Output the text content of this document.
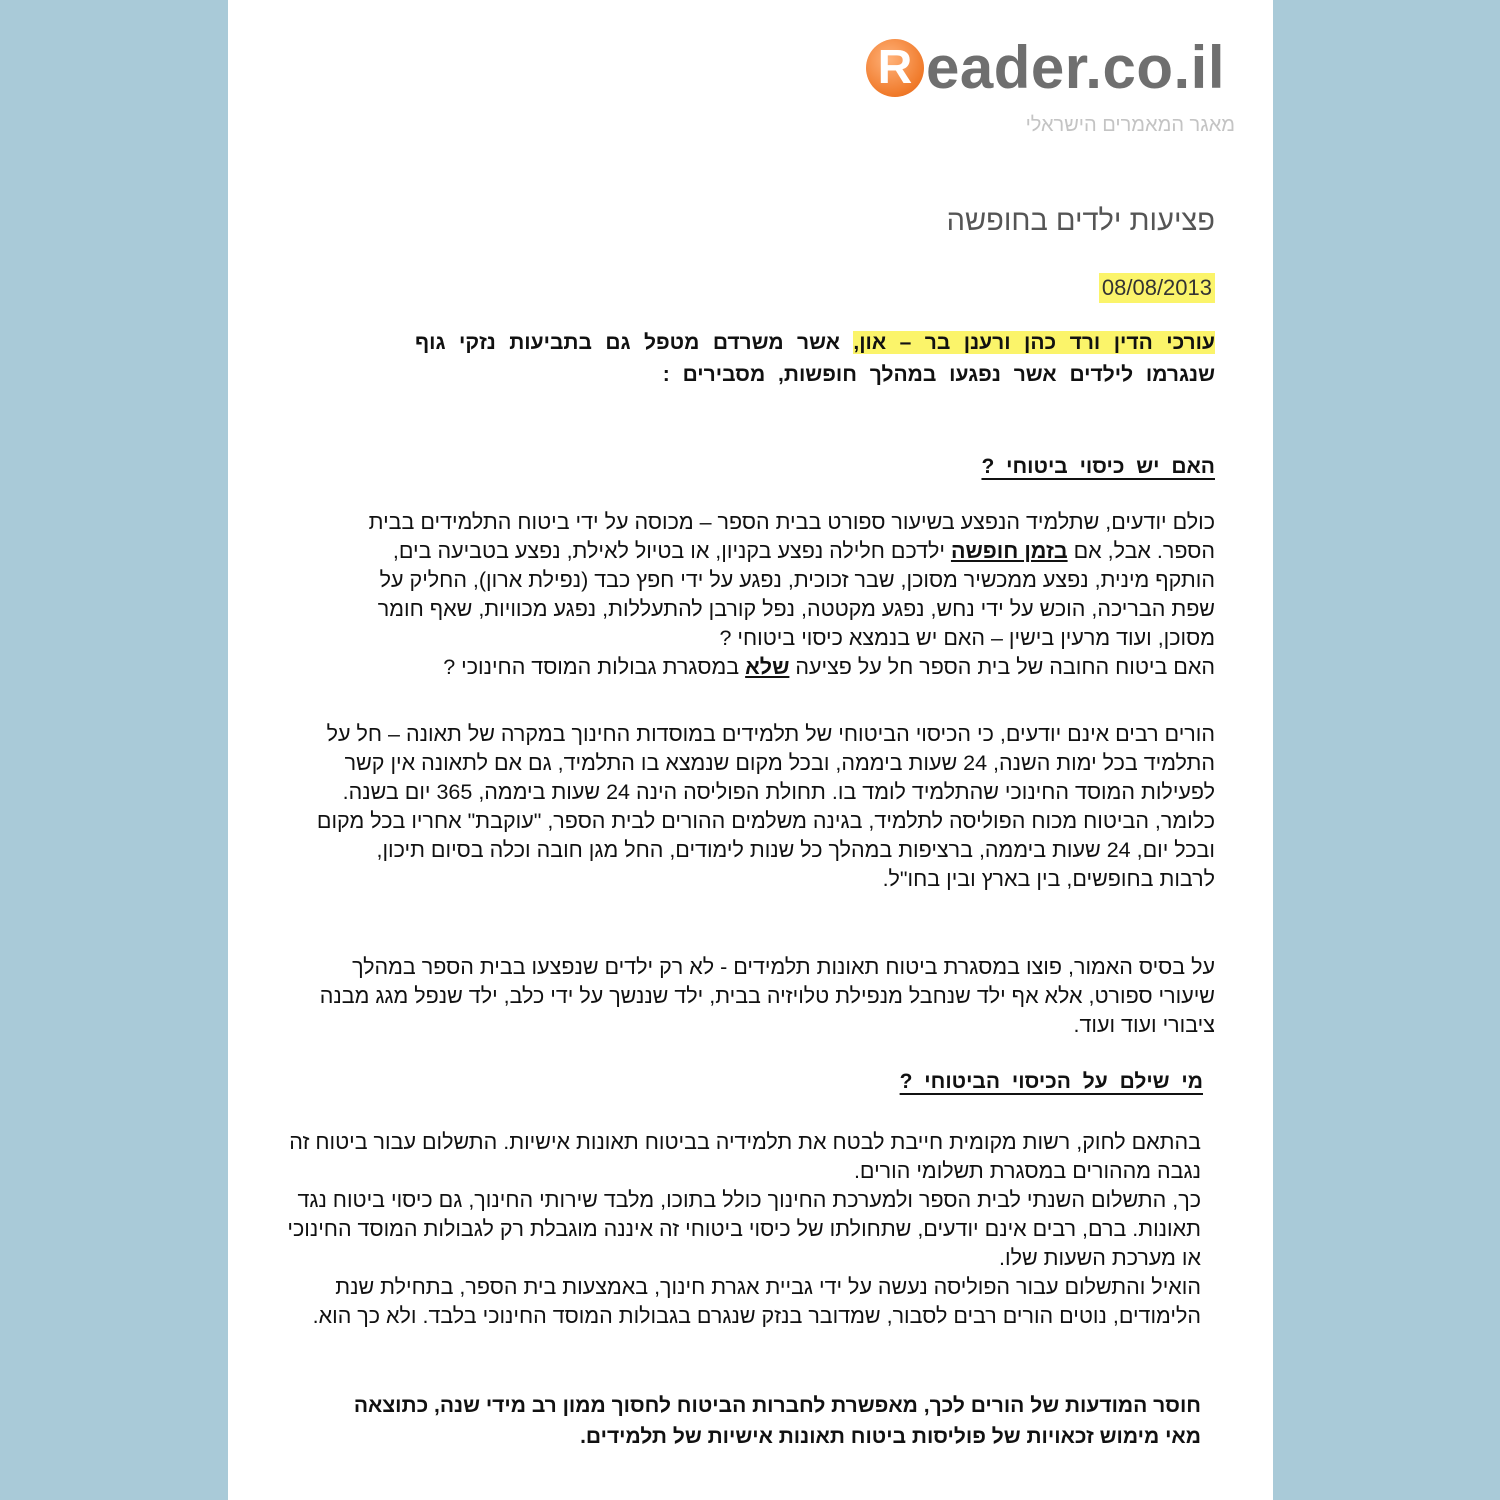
R eader.co.il
מאגר המאמרים הישראלי
פציעות ילדים בחופשה
08/08/2013

עורכי הדין ורד כהן ורענן בר – און, אשר משרדם מטפל גם בתביעות נזקי גוף שנגרמו לילדים אשר נפגעו במהלך חופשות, מסבירים :

האם יש כיסוי ביטוחי ?

כולם יודעים, שתלמיד הנפצע בשיעור ספורט בבית הספר – מכוסה על ידי ביטוח התלמידים בבית הספר. אבל, אם בזמן חופשה ילדכם חלילה נפצע בקניון, או בטיול לאילת, נפצע בטביעה בים, הותקף מינית, נפצע ממכשיר מסוכן, שבר זכוכית, נפגע על ידי חפץ כבד (נפילת ארון), החליק על שפת הבריכה, הוכש על ידי נחש, נפגע מקטטה, נפל קורבן להתעללות, נפגע מכוויות, שאף חומר מסוכן, ועוד מרעין בישין – האם יש בנמצא כיסוי ביטוחי ?

האם ביטוח החובה של בית הספר חל על פציעה שלא במסגרת גבולות המוסד החינוכי ?

הורים רבים אינם יודעים, כי הכיסוי הביטוחי של תלמידים במוסדות החינוך במקרה של תאונה – חל על התלמיד בכל ימות השנה, 24 שעות ביממה, ובכל מקום שנמצא בו התלמיד, גם אם לתאונה אין קשר לפעילות המוסד החינוכי שהתלמיד לומד בו. תחולת הפוליסה הינה 24 שעות ביממה, 365 יום בשנה.

כלומר, הביטוח מכוח הפוליסה לתלמיד, בגינה משלמים ההורים לבית הספר, "עוקבת" אחריו בכל מקום ובכל יום, 24 שעות ביממה, ברציפות במהלך כל שנות לימודים, החל מגן חובה וכלה בסיום תיכון, לרבות בחופשים, בין בארץ ובין בחו"ל.

על בסיס האמור, פוצו במסגרת ביטוח תאונות תלמידים - לא רק ילדים שנפצעו בבית הספר במהלך שיעורי ספורט, אלא אף ילד שנחבל מנפילת טלויזיה בבית, ילד שננשך על ידי כלב, ילד שנפל מגג מבנה ציבורי ועוד ועוד.

מי שילם על הכיסוי הביטוחי ?

בהתאם לחוק, רשות מקומית חייבת לבטח את תלמידיה בביטוח תאונות אישיות. התשלום עבור ביטוח זה נגבה מההורים במסגרת תשלומי הורים.

כך, התשלום השנתי לבית הספר ולמערכת החינוך כולל בתוכו, מלבד שירותי החינוך, גם כיסוי ביטוח נגד תאונות. ברם, רבים אינם יודעים, שתחולתו של כיסוי ביטוחי זה איננה מוגבלת רק לגבולות המוסד החינוכי או מערכת השעות שלו.

הואיל והתשלום עבור הפוליסה נעשה על ידי גביית אגרת חינוך, באמצעות בית הספר, בתחילת שנת הלימודים, נוטים הורים רבים לסבור, שמדובר בנזק שנגרם בגבולות המוסד החינוכי בלבד. ולא כך הוא.

חוסר המודעות של הורים לכך, מאפשרת לחברות הביטוח לחסוך ממון רב מידי שנה, כתוצאה מאי מימוש זכאויות של פוליסות ביטוח תאונות אישיות של תלמידים.
